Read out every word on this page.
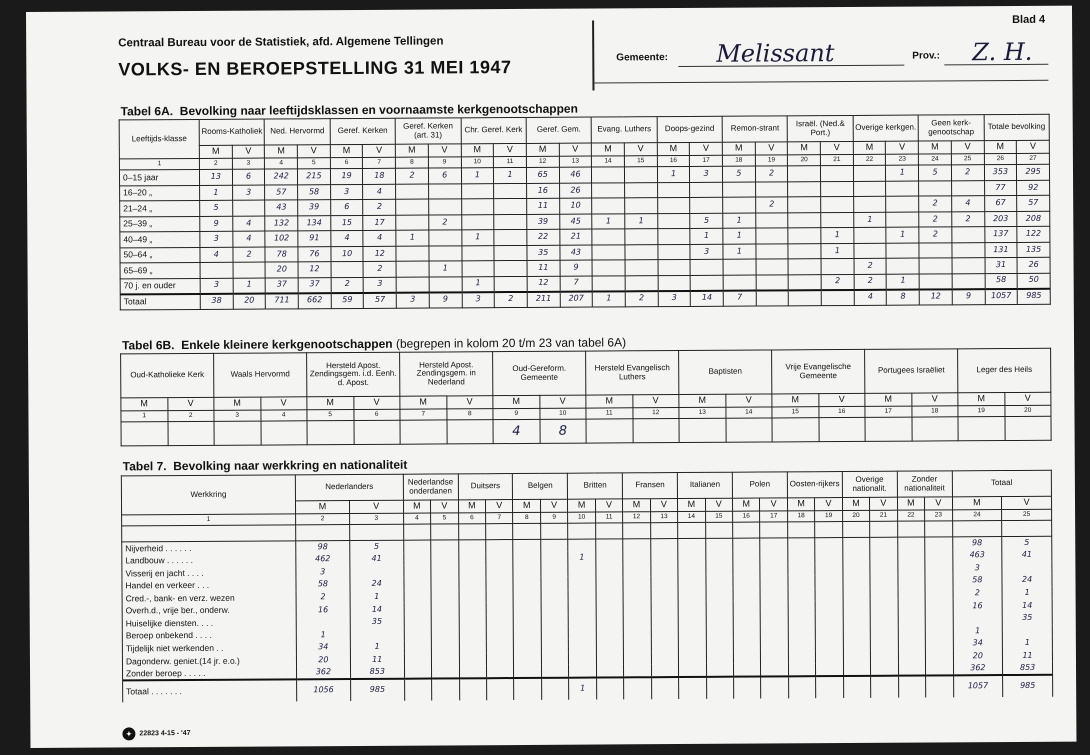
Blad 4
Centraal Bureau voor de Statistiek, afd. Algemene Tellingen
VOLKS- EN BEROEPSTELLING 31 MEI 1947	Gemeente: Melissant	Prov.: Z. H.
Tabel 6A. Bevolking naar leeftijdsklassen en voornaamste kerkgenootschappen
Leeftijds-klasse	Rooms-Katholiek		Ned. Hervormd		Geref. Kerken		Geref. Kerken (art. 31)		Chr. Geref. Kerk		Geref. Gem.		Evang. Luthers		Doops-gezind		Remon-strant		Israël. (Ned.& Port.)		Overige kerkgen.		Geen kerk-genootschap		Totale bevolking	
	M	V	M	V	M	V	M	V	M	V	M	V	M	V	M	V	M	V	M	V	M	V	M	V	M	V
1	2	3	4	5	6	7	8	9	10	11	12	13	14	15	16	17	18	19	20	21	22	23	24	25	26	27
0–15 jaar	13	6	242	215	19	18	2	6	1	1	65	46			1	3	5	2				1	5	2	353	295
16–20 „	1	3	57	58	3	4					16	26													77	92
21–24 „	5		43	39	6	2					11	10						2					2	4	67	57
25–39 „	9	4	132	134	15	17		2			39	45	1	1		5	1				1		2	2	203	208
40–49 „	3	4	102	91	4	4	1		1		22	21				1	1			1		1	2		137	122
50–64 „	4	2	78	76	10	12					35	43				3	1			1					131	135
65–69 „			20	12		2		1			11	9									2				31	26
70 j. en ouder	3	1	37	37	2	3			1		12	7								2	2	1			58	50
Totaal	38	20	711	662	59	57	3	9	3	2	211	207	1	2	3	14	7				4	8	12	9	1057	985
Tabel 6B. Enkele kleinere kerkgenootschappen (begrepen in kolom 20 t/m 23 van tabel 6A)
Oud-Katholieke Kerk		Waals Hervormd		Hersteld Apost. Zendingsgem. i.d. Eenh. d. Apost.		Hersteld Apost. Zendingsgem. in Nederland		Oud-Gereform. Gemeente		Hersteld Evangelisch Luthers		Baptisten		Vrije Evangelische Gemeente		Portugees Israëliet		Leger des Heils	
M	V	M	V	M	V	M	V	M	V	M	V	M	V	M	V	M	V	M	V
1	2	3	4	5	6	7	8	9	10	11	12	13	14	15	16	17	18	19	20
								4	8										
Tabel 7. Bevolking naar werkkring en nationaliteit
Werkkring	Nederlanders		Nederlandse onderdanen		Duitsers		Belgen		Britten		Fransen		Italianen		Polen		Oosten-rijkers		Overige nationalit.		Zonder nationaliteit		Totaal	
	M	V	M	V	M	V	M	V	M	V	M	V	M	V	M	V	M	V	M	V	M	V	M	V
1	2	3	4	5	6	7	8	9	10	11	12	13	14	15	16	17	18	19	20	21	22	23	24	25

Nijverheid . . . . . .	98	5																					98	5
Landbouw . . . . . .	462	41							1														463	41
Visserij en jacht . . . .	3																						3	
Handel en verkeer . . .	58	24																					58	24
Cred.-, bank- en verz. wezen	2	1																					2	1
Overh.d., vrije ber., onderw.	16	14																					16	14
Huiselijke diensten. . . .		35																						35
Beroep onbekend . . . .	1																						1	
Tijdelijk niet werkenden . .	34	1																					34	1
Dagonderw. geniet.(14 jr. e.o.)	20	11																					20	11
Zonder beroep . . . . .	362	853																					362	853
Totaal . . . . . . .	1056	985							1														1057	985
✦	22823 4-15 - '47
